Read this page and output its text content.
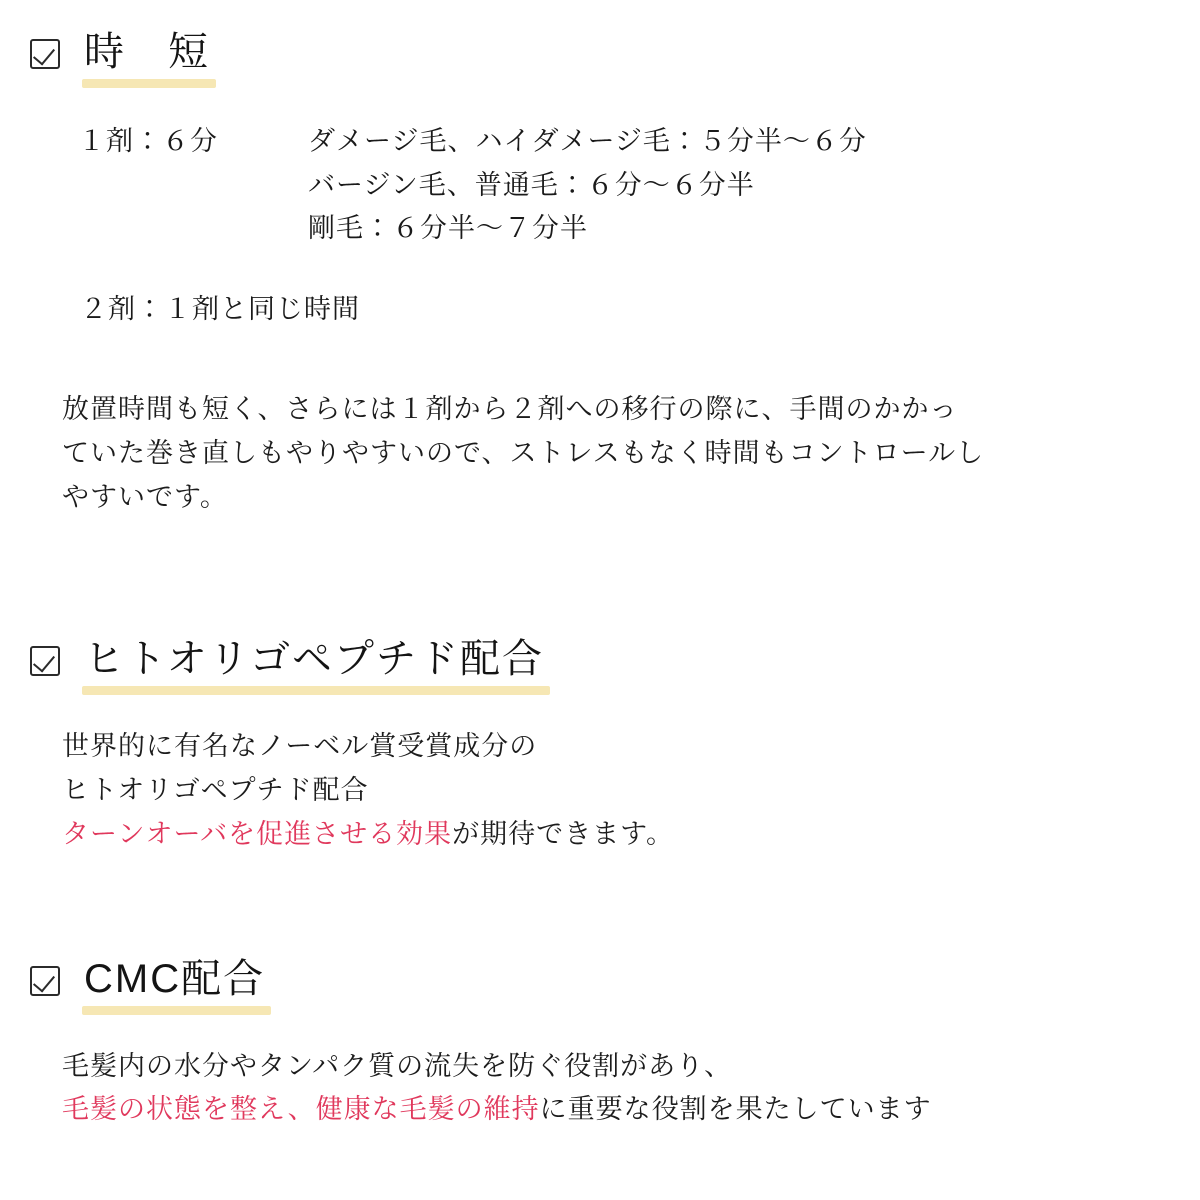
時　短
１剤：６分	ダメージ毛、ハイダメージ毛：５分半〜６分
バージン毛、普通毛：６分〜６分半
剛毛：６分半〜７分半
２剤：１剤と同じ時間
放置時間も短く、さらには１剤から２剤への移行の際に、手間のかかっ
ていた巻き直しもやりやすいので、ストレスもなく時間もコントロールし
やすいです。
ヒトオリゴペプチド配合
世界的に有名なノーベル賞受賞成分の
ヒトオリゴペプチド配合
ターンオーバを促進させる効果が期待できます。
CMC配合
毛髪内の水分やタンパク質の流失を防ぐ役割があり、
毛髪の状態を整え、健康な毛髪の維持に重要な役割を果たしています
